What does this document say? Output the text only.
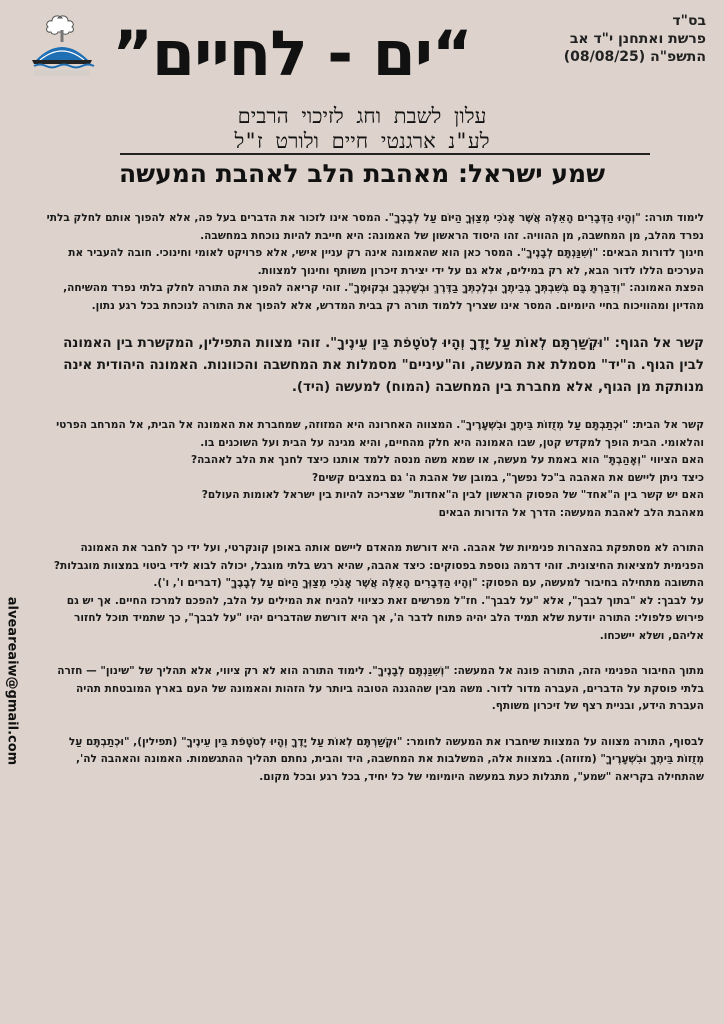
“ים - לחיים”	בס"ד
פרשת ואתחנן י"ד אב
התשפ"ה (08/08/25)
עלון לשבת וחג לזיכוי הרבים
לע"נ ארגנטי חיים ולורט ז"ל
שמע ישראל: מאהבת הלב לאהבת המעשה

לימוד תורה: "וְהָיוּ הַדְּבָרִים הָאֵלֶּה אֲשֶׁר אָנֹכִי מְצַוְּךָ הַיּוֹם עַל לְבָבֶךָ". המסר אינו לזכור את הדברים בעל פה, אלא להפוך אותם לחלק בלתי נפרד מהלב, מן המחשבה, מן ההוויה. זהו היסוד הראשון של האמונה: היא חייבת להיות נוכחת במחשבה.

חינוך לדורות הבאים: "וְשִׁנַּנְתָּם לְבָנֶיךָ". המסר כאן הוא שהאמונה אינה רק עניין אישי, אלא פרויקט לאומי וחינוכי. חובה להעביר את הערכים הללו לדור הבא, לא רק במילים, אלא גם על ידי יצירת זיכרון משותף וחינוך למצוות.

הפצת האמונה: "וְדִבַּרְתָּ בָּם בְּשִׁבְתְּךָ בְּבֵיתֶךָ וּבְלֶכְתְּךָ בַדֶּרֶךְ וּבְשָׁכְבְּךָ וּבְקוּמֶךָ". זוהי קריאה להפוך את התורה לחלק בלתי נפרד מהשיחה, מהדיון ומהוויכוח בחיי היומיום. המסר אינו שצריך ללמוד תורה רק בבית המדרש, אלא להפוך את התורה לנוכחת בכל רגע נתון.

קשר אל הגוף: "וּקְשַׁרְתָּם לְאוֹת עַל יָדֶךָ וְהָיוּ לְטֹטָפֹת בֵּין עֵינֶיךָ". זוהי מצוות התפילין, המקשרת בין האמונה לבין הגוף. ה"יד" מסמלת את המעשה, וה"עיניים" מסמלות את המחשבה והכוונות. האמונה היהודית אינה מנותקת מן הגוף, אלא מחברת בין המחשבה (המוח) למעשה (היד).

קשר אל הבית: "וּכְתַבְתָּם עַל מְזֻזוֹת בֵּיתֶךָ וּבִשְׁעָרֶיךָ". המצווה האחרונה היא המזוזה, שמחברת את האמונה אל הבית, אל המרחב הפרטי והלאומי. הבית הופך למקדש קטן, שבו האמונה היא חלק מהחיים, והיא מגינה על הבית ועל השוכנים בו.

האם הציווי "וְאָהַבְתָּ" הוא באמת על מעשה, או שמא משה מנסה ללמד אותנו כיצד לחנך את הלב לאהבה?

כיצד ניתן ליישם את האהבה ב"כל נפשך", במובן של אהבת ה' גם במצבים קשים?

האם יש קשר בין ה"אחד" של הפסוק הראשון לבין ה"אחדות" שצריכה להיות בין ישראל לאומות העולם?

מאהבת הלב לאהבת המעשה: הדרך אל הדורות הבאים

התורה לא מסתפקת בהצהרות פנימיות של אהבה. היא דורשת מהאדם ליישם אותה באופן קונקרטי, ועל ידי כך לחבר את האמונה הפנימית למציאות החיצונית. זוהי דרמה נוספת בפסוקים: כיצד אהבה, שהיא רגש בלתי מוגבל, יכולה לבוא לידי ביטוי במצוות מוגבלות?

התשובה מתחילה בחיבור למעשה, עם הפסוק: "וְהָיוּ הַדְּבָרִים הָאֵלֶּה אֲשֶׁר אָנֹכִי מְצַוְּךָ הַיּוֹם עַל לְבָבֶךָ" (דברים ו', ו').

על לבבך: לא "בתוך לבבך", אלא "על לבבך". חז"ל מפרשים זאת כציווי להניח את המילים על הלב, להפכם למרכז החיים. אך יש גם פירוש פלפולי: התורה יודעת שלא תמיד הלב יהיה פתוח לדבר ה', אך היא דורשת שהדברים יהיו "על לבבך", כך שתמיד תוכל לחזור אליהם, ושלא יישכחו.

מתוך החיבור הפנימי הזה, התורה פונה אל המעשה: "וְשִׁנַּנְתָּם לְבָנֶיךָ". לימוד התורה הוא לא רק ציווי, אלא תהליך של "שינון" — חזרה בלתי פוסקת על הדברים, העברה מדור לדור. משה מבין שההגנה הטובה ביותר על הזהות והאמונה של העם בארץ המובטחת תהיה העברת הידע, ובניית רצף של זיכרון משותף.

לבסוף, התורה מצווה על המצוות שיחברו את המעשה לחומר: "וּקְשַׁרְתָּם לְאוֹת עַל יָדֶךָ וְהָיוּ לְטֹטָפֹת בֵּין עֵינֶיךָ" (תפילין), "וּכְתַבְתָּם עַל מְזֻזוֹת בֵּיתֶךָ וּבִשְׁעָרֶיךָ" (מזוזה). במצוות אלה, המשלבות את המחשבה, היד והבית, נחתם תהליך ההתגשמות. האמונה והאהבה לה', שהתחילה בקריאה "שמע", מתגלות כעת במעשה היומיומי של כל יחיד, בכל רגע ובכל מקום.

alveareaiw@gmail.com
